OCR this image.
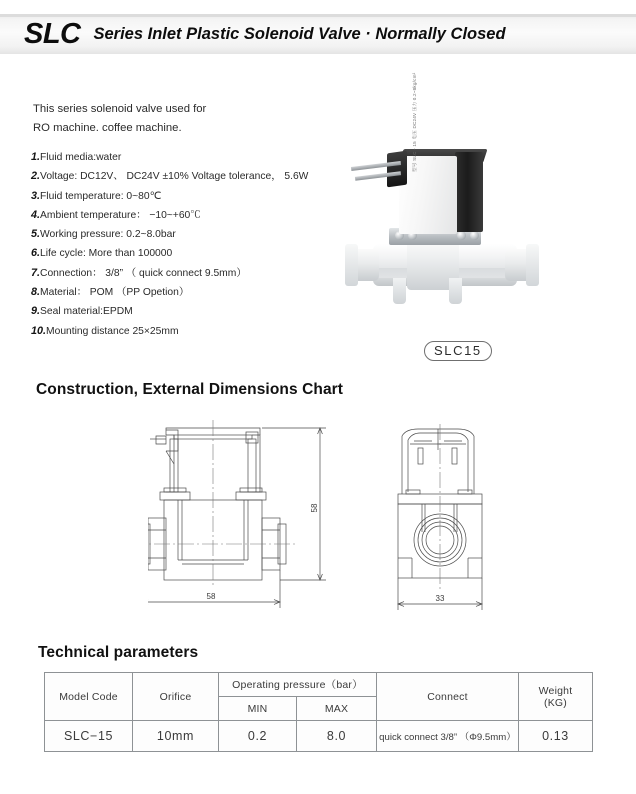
SLC Series Inlet Plastic Solenoid Valve · Normally Closed
This series solenoid valve used for
RO machine. coffee machine.
1.Fluid media:water
2.Voltage: DC12V、 DC24V ±10% Voltage tolerance， 5.6W
3.Fluid temperature: 0~80℃
4.Ambient temperature： −10~+60℃
5.Working pressure: 0.2~8.0bar
6.Life cycle: More than 100000
7.Connection： 3/8” （ quick connect 9.5mm）
8.Material： POM （PP Opetion）
9.Seal material:EPDM
10.Mounting distance 25×25mm
型号 SLC・15 电压 DC24V 压力 0.2~8kg/cm²
SLC15
Construction, External Dimensions Chart
Technical parameters
58
58	33
Model Code	Orifice	Operating pressure（bar）		Connect	Weight
(KG)

		MIN	MAX		
SLC−15	10mm	0.2	8.0	quick connect 3/8” （Φ9.5mm）	0.13
